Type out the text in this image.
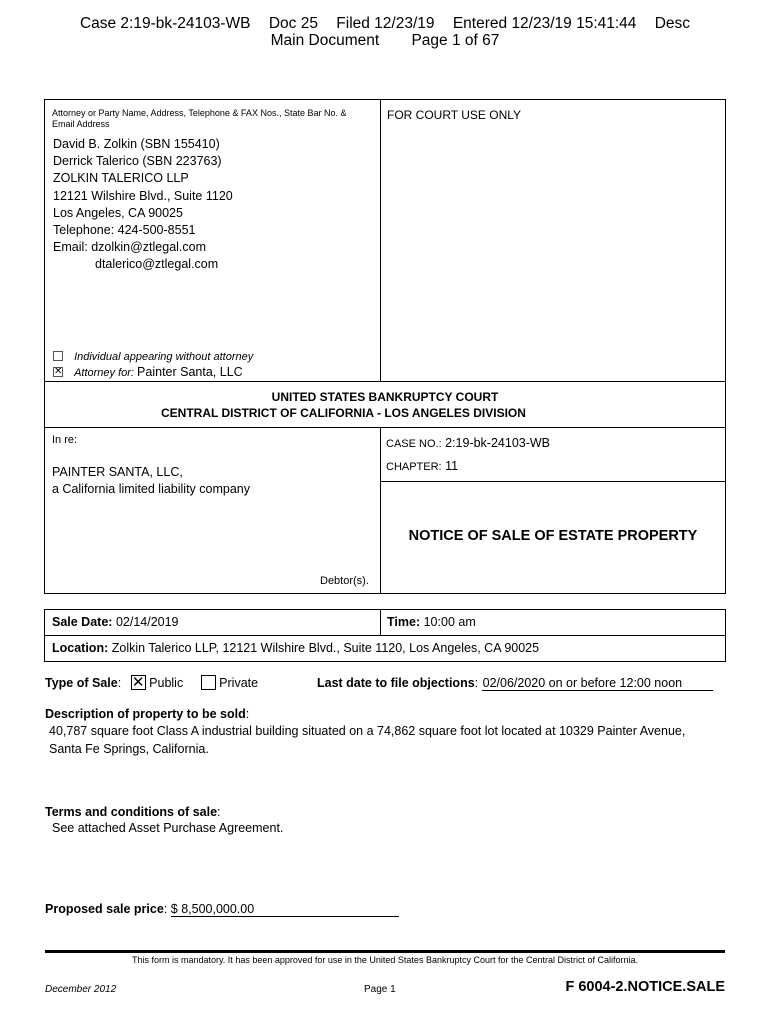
Case 2:19-bk-24103-WB Doc 25 Filed 12/23/19 Entered 12/23/19 15:41:44 Desc
Main Document Page 1 of 67
Attorney or Party Name, Address, Telephone & FAX Nos., State Bar No. &
Email Address
David B. Zolkin (SBN 155410)
Derrick Talerico (SBN 223763)
ZOLKIN TALERICO LLP
12121 Wilshire Blvd., Suite 1120
Los Angeles, CA 90025
Telephone: 424-500-8551
Email: dzolkin@ztlegal.com
dtalerico@ztlegal.com
Individual appearing without attorney
✕ Attorney for: Painter Santa, LLC
FOR COURT USE ONLY
UNITED STATES BANKRUPTCY COURT
CENTRAL DISTRICT OF CALIFORNIA - LOS ANGELES DIVISION
In re:
PAINTER SANTA, LLC,
a California limited liability company
Debtor(s).
CASE NO.: 2:19-bk-24103-WB
CHAPTER: 11
NOTICE OF SALE OF ESTATE PROPERTY
Sale Date: 02/14/2019	Time: 10:00 am
Location: Zolkin Talerico LLP, 12121 Wilshire Blvd., Suite 1120, Los Angeles, CA 90025
Type of Sale: ✕ Public	Private	Last date to file objections: 02/06/2020 on or before 12:00 noon
Description of property to be sold:
40,787 square foot Class A industrial building situated on a 74,862 square foot lot located at 10329 Painter Avenue,
Santa Fe Springs, California.
Terms and conditions of sale:
See attached Asset Purchase Agreement.
Proposed sale price: $ 8,500,000.00
This form is mandatory. It has been approved for use in the United States Bankruptcy Court for the Central District of California.
December 2012	Page 1	F 6004-2.NOTICE.SALE
